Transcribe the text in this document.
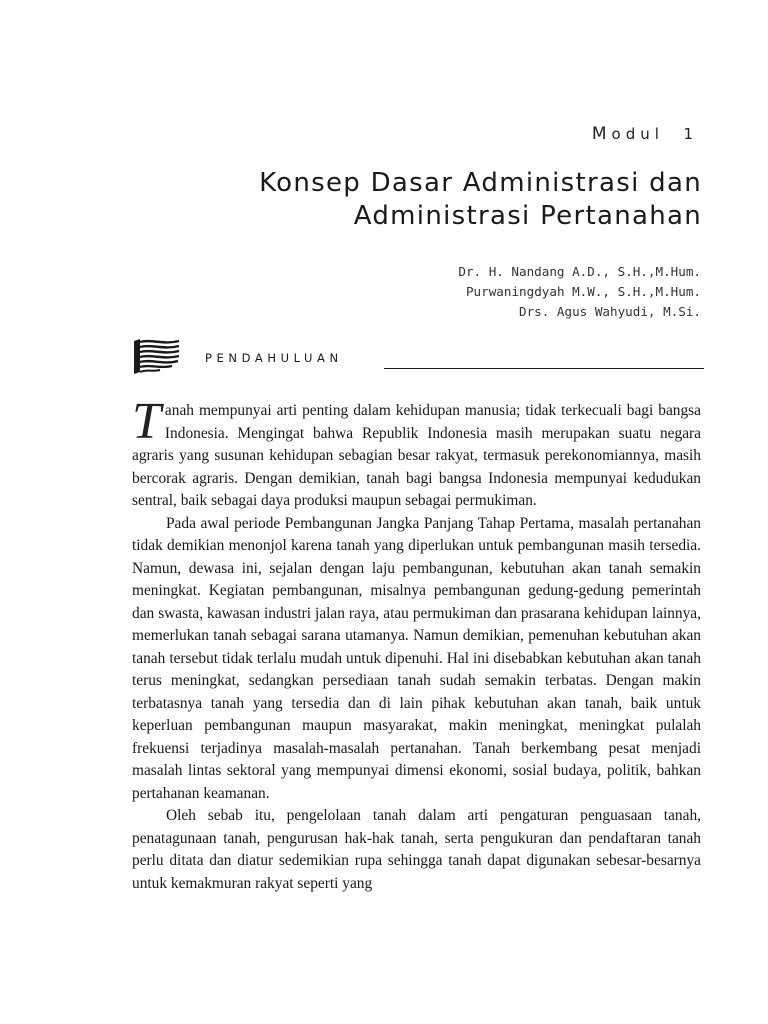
Modul 1
Konsep Dasar Administrasi dan
Administrasi Pertanahan
Dr. H. Nandang A.D., S.H.,M.Hum.
Purwaningdyah M.W., S.H.,M.Hum.
Drs. Agus Wahyudi, M.Si.
PENDAHULUAN

Tanah mempunyai arti penting dalam kehidupan manusia; tidak terkecuali bagi bangsa Indonesia. Mengingat bahwa Republik Indonesia masih merupakan suatu negara agraris yang susunan kehidupan sebagian besar rakyat, termasuk perekonomiannya, masih bercorak agraris. Dengan demikian, tanah bagi bangsa Indonesia mempunyai kedudukan sentral, baik sebagai daya produksi maupun sebagai permukiman.

Pada awal periode Pembangunan Jangka Panjang Tahap Pertama, masalah pertanahan tidak demikian menonjol karena tanah yang diperlukan untuk pembangunan masih tersedia. Namun, dewasa ini, sejalan dengan laju pembangunan, kebutuhan akan tanah semakin meningkat. Kegiatan pembangunan, misalnya pembangunan gedung-gedung pemerintah dan swasta, kawasan industri jalan raya, atau permukiman dan prasarana kehidupan lainnya, memerlukan tanah sebagai sarana utamanya. Namun demikian, pemenuhan kebutuhan akan tanah tersebut tidak terlalu mudah untuk dipenuhi. Hal ini disebabkan kebutuhan akan tanah terus meningkat, sedangkan persediaan tanah sudah semakin terbatas. Dengan makin terbatasnya tanah yang tersedia dan di lain pihak kebutuhan akan tanah, baik untuk keperluan pembangunan maupun masyarakat, makin meningkat, meningkat pulalah frekuensi terjadinya masalah-masalah pertanahan. Tanah berkembang pesat menjadi masalah lintas sektoral yang mempunyai dimensi ekonomi, sosial budaya, politik, bahkan pertahanan keamanan.

Oleh sebab itu, pengelolaan tanah dalam arti pengaturan penguasaan tanah, penatagunaan tanah, pengurusan hak-hak tanah, serta pengukuran dan pendaftaran tanah perlu ditata dan diatur sedemikian rupa sehingga tanah dapat digunakan sebesar-besarnya untuk kemakmuran rakyat seperti yang
